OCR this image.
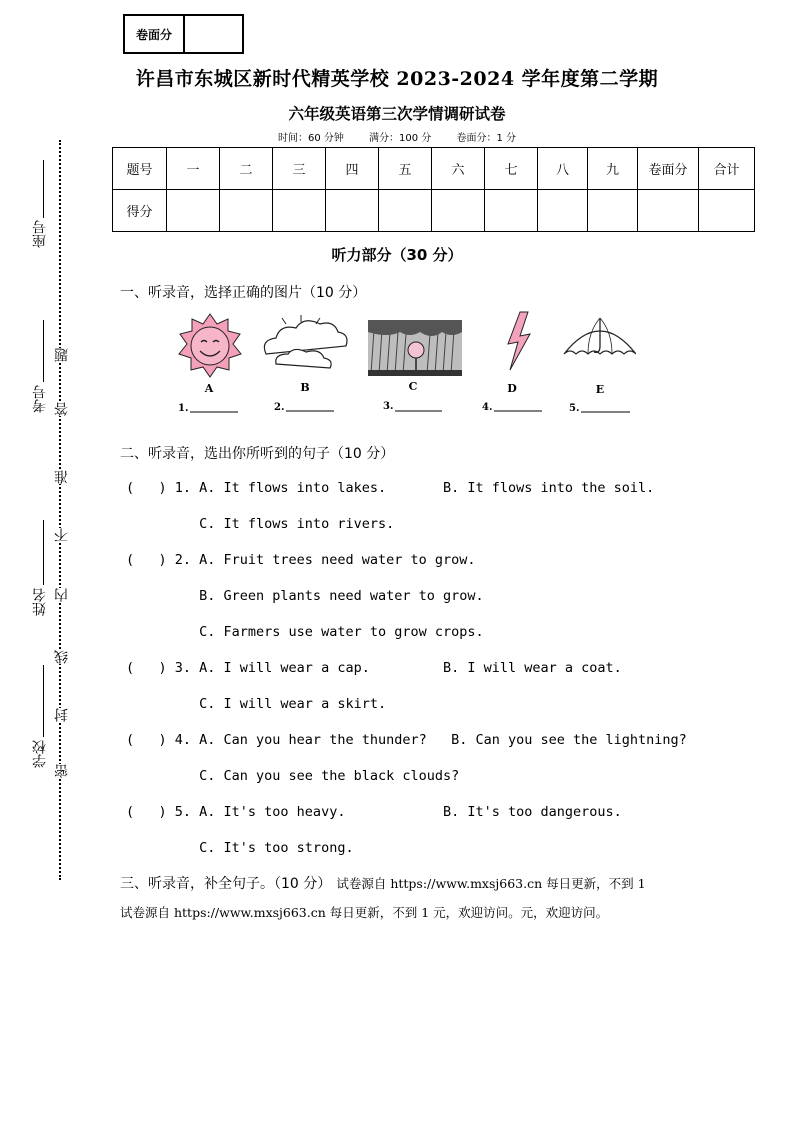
卷面分
许昌市东城区新时代精英学校 2023-2024 学年度第二学期
六年级英语第三次学情调研试卷
时间：60 分钟	满分：100 分	卷面分：1 分
题号	一	二	三	四	五	六	七	八	九	卷面分	合计
得分											
座号
考号
姓名
学校
题
答
准
不
内
线
封
密
听力部分（30 分）
一、听录音，选择正确的图片（10 分）
A	B	C	D	E
1.	2.	3.	4.	5.
二、听录音，选出你所听到的句子（10 分）
(   ) 1. A. It flows into lakes.       B. It flows into the soil.
C. It flows into rivers.
(   ) 2. A. Fruit trees need water to grow.
B. Green plants need water to grow.
C. Farmers use water to grow crops.
(   ) 3. A. I will wear a cap.         B. I will wear a coat.
C. I will wear a skirt.
(   ) 4. A. Can you hear the thunder?   B. Can you see the lightning?
C. Can you see the black clouds?
(   ) 5. A. It's too heavy.            B. It's too dangerous.
C. It's too strong.
三、听录音，补全句子。（10 分） 试卷源自 https://www.mxsj663.cn 每日更新，不到 1
试卷源自 https://www.mxsj663.cn 每日更新，不到 1 元，欢迎访问。元，欢迎访问。
